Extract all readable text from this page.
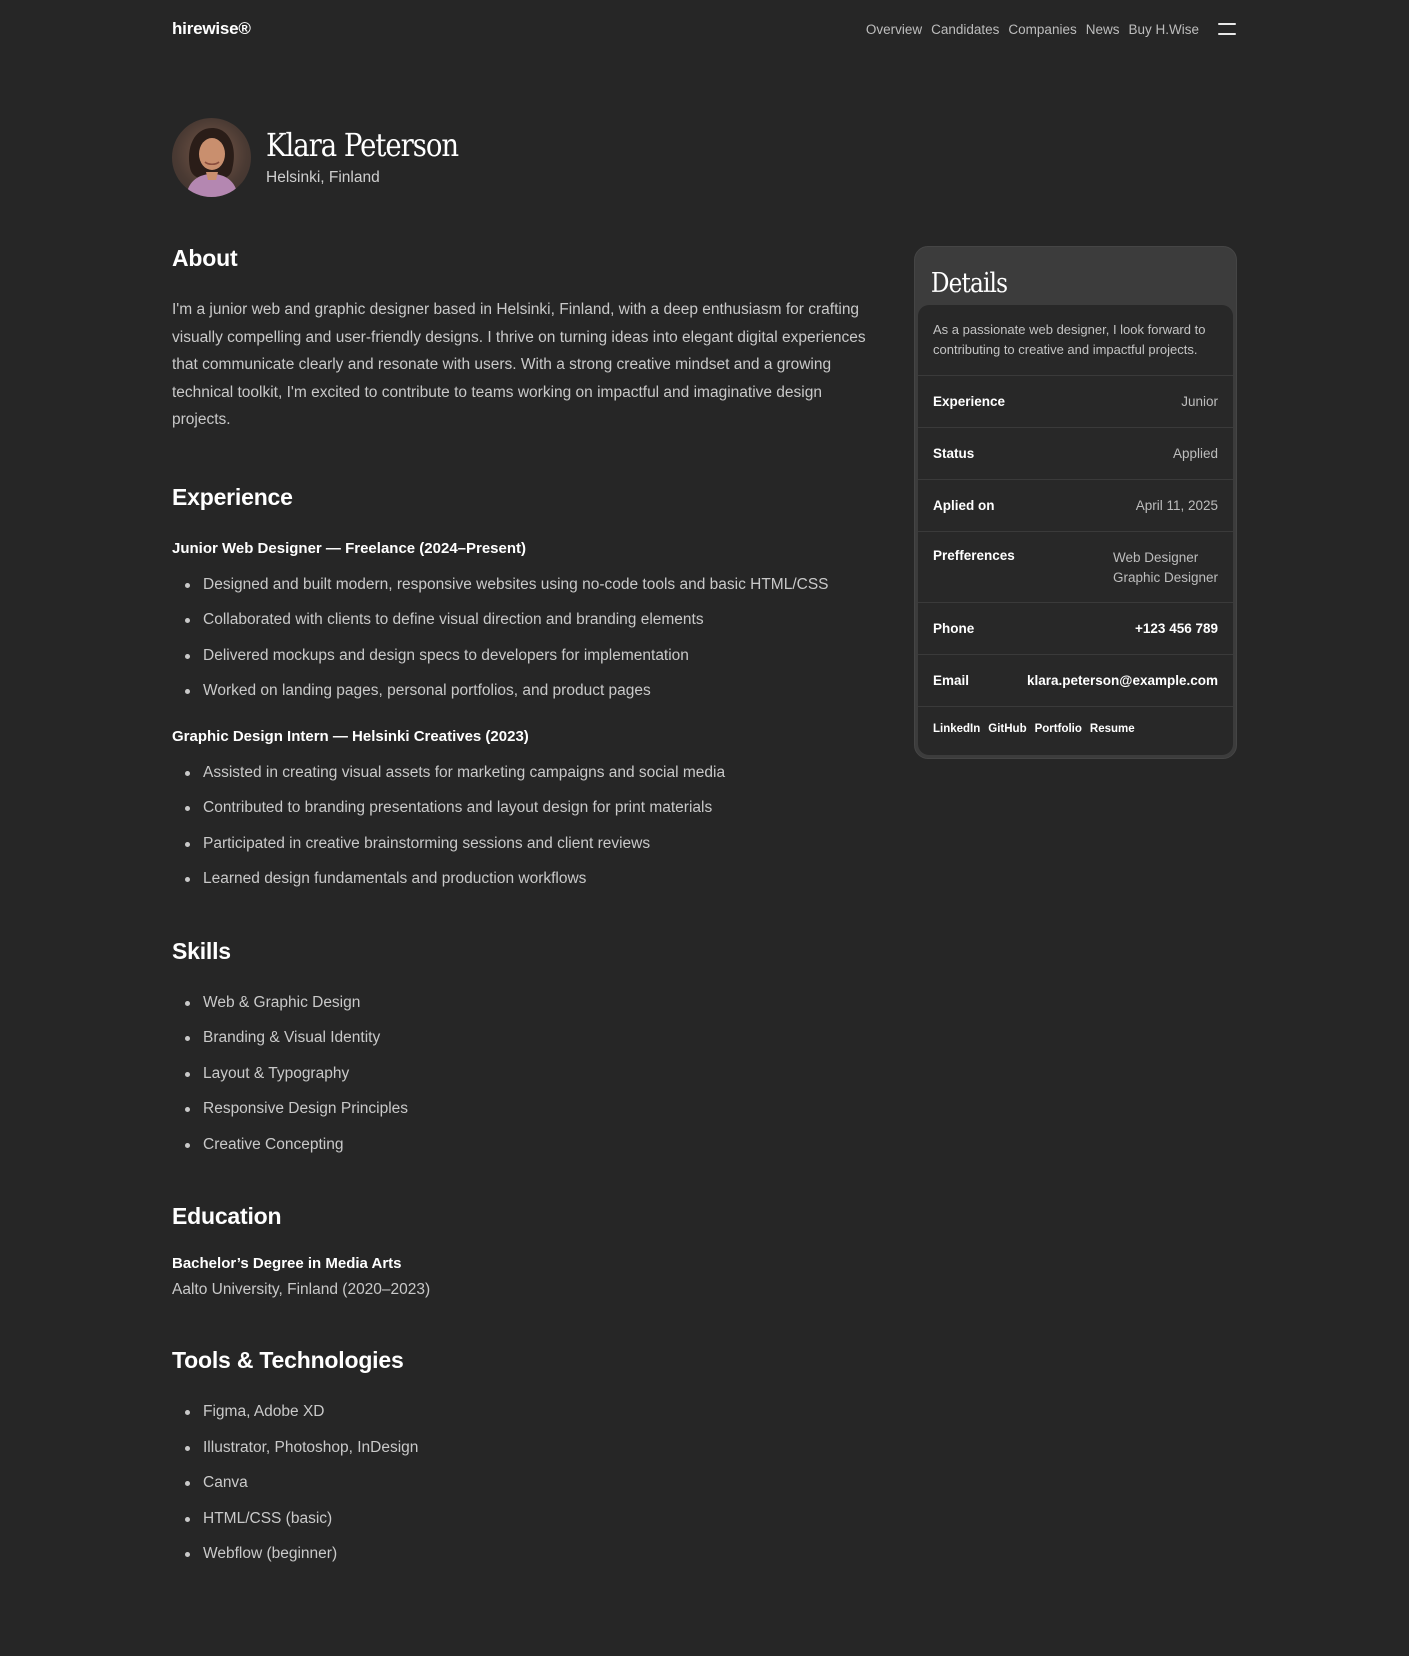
hirewise®	Overview Candidates Companies News Buy H.Wise
Klara Peterson
Helsinki, Finland
About

I'm a junior web and graphic designer based in Helsinki, Finland, with a deep enthusiasm for crafting visually compelling and user-friendly designs. I thrive on turning ideas into elegant digital experiences that communicate clearly and resonate with users. With a strong creative mindset and a growing technical toolkit, I'm excited to contribute to teams working on impactful and imaginative design projects.

Experience
Junior Web Designer — Freelance (2024–Present)
Designed and built modern, responsive websites using no-code tools and basic HTML/CSS
Collaborated with clients to define visual direction and branding elements
Delivered mockups and design specs to developers for implementation
Worked on landing pages, personal portfolios, and product pages
Graphic Design Intern — Helsinki Creatives (2023)
Assisted in creating visual assets for marketing campaigns and social media
Contributed to branding presentations and layout design for print materials
Participated in creative brainstorming sessions and client reviews
Learned design fundamentals and production workflows
Skills
Web & Graphic Design
Branding & Visual Identity
Layout & Typography
Responsive Design Principles
Creative Concepting
Education
Bachelor’s Degree in Media Arts
Aalto University, Finland (2020–2023)
Tools & Technologies
Figma, Adobe XD
Illustrator, Photoshop, InDesign
Canva
HTML/CSS (basic)
Webflow (beginner)
Details
As a passionate web designer, I look forward to contributing to creative and impactful projects.
Experience	Junior
Status	Applied
Aplied on	April 11, 2025
Prefferences	Web Designer
Graphic Designer
Phone	+123 456 789
Email	klara.peterson@example.com
LinkedIn GitHub Portfolio Resume
